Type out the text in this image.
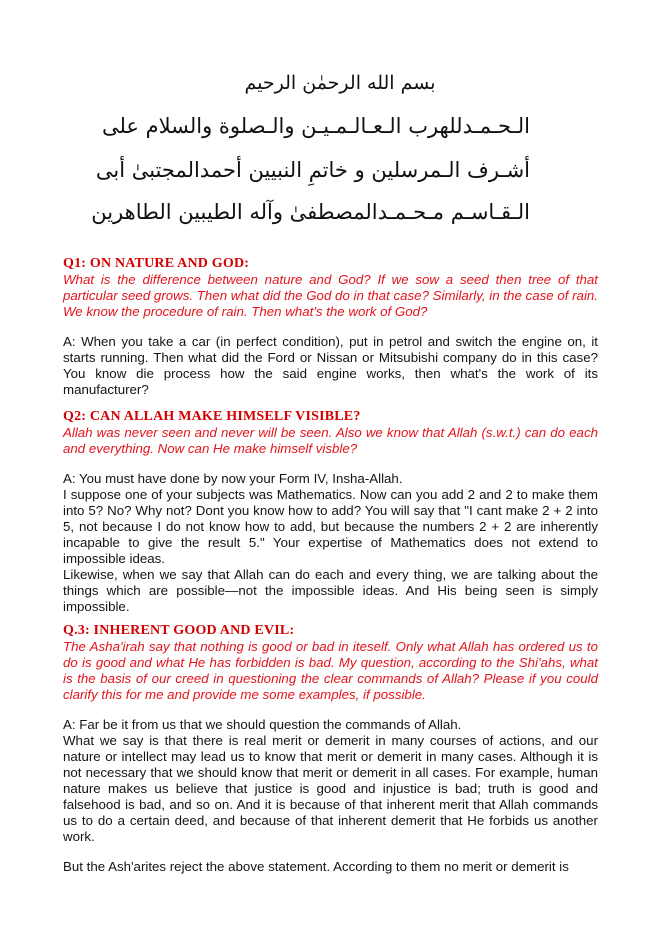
بسم الله الرحمٰن الرحيم
الـحـمـدللهرب الـعـالـمـيـن والـصلوة والسلام على
أشـرف الـمرسلين و خاتمِ النبيين أحمدالمجتبىٰ أبى
الـقـاسـم مـحـمـدالمصطفىٰ وآله الطيبين الطاهرين

Q1: ON NATURE AND GOD:

What is the difference between nature and God? If we sow a seed then tree of that particular seed grows. Then what did the God do in that case? Similarly, in the case of rain. We know the procedure of rain. Then what's the work of God?

A: When you take a car (in perfect condition), put in petrol and switch the engine on, it starts running. Then what did the Ford or Nissan or Mitsubishi company do in this case? You know die process how the said engine works, then what's the work of its manufacturer?

Q2: CAN ALLAH MAKE HIMSELF VISIBLE?

Allah was never seen and never will be seen. Also we know that Allah (s.w.t.) can do each and everything. Now can He make himself visble?

A: You must have done by now your Form IV, Insha-Allah.

I suppose one of your subjects was Mathematics. Now can you add 2 and 2 to make them into 5? No? Why not? Dont you know how to add? You will say that "I cant make 2 + 2 into 5, not because I do not know how to add, but because the numbers 2 + 2 are inherently incapable to give the result 5." Your expertise of Mathematics does not extend to impossible ideas.

Likewise, when we say that Allah can do each and every thing, we are talking about the things which are possible—not the impossible ideas. And His being seen is simply impossible.

Q.3: INHERENT GOOD AND EVIL:

The Asha'irah say that nothing is good or bad in iteself. Only what Allah has ordered us to do is good and what He has forbidden is bad. My question, according to the Shi'ahs, what is the basis of our creed in questioning the clear commands of Allah? Please if you could clarify this for me and provide me some examples, if possible.

A: Far be it from us that we should question the commands of Allah.

What we say is that there is real merit or demerit in many courses of actions, and our nature or intellect may lead us to know that merit or demerit in many cases. Although it is not necessary that we should know that merit or demerit in all cases. For example, human nature makes us believe that justice is good and injustice is bad; truth is good and falsehood is bad, and so on. And it is because of that inherent merit that Allah commands us to do a certain deed, and because of that inherent demerit that He forbids us another work.

But the Ash'arites reject the above statement. According to them no merit or demerit is
